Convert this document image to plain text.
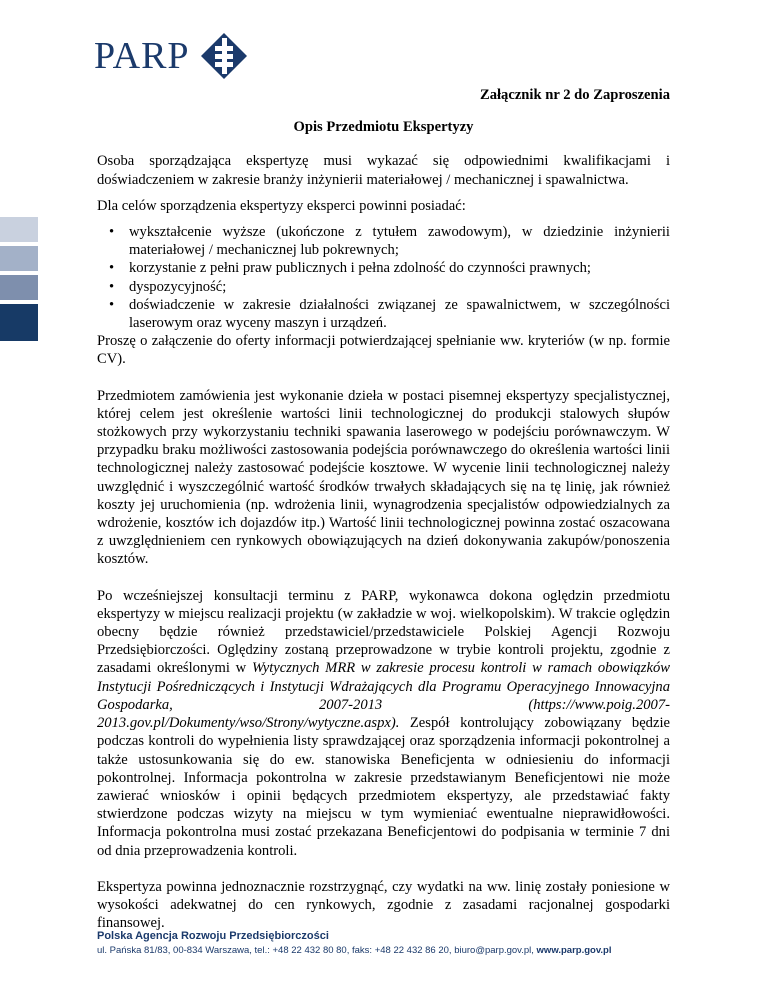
PARP
Załącznik nr 2 do Zaproszenia
Opis Przedmiotu Ekspertyzy

Osoba sporządzająca ekspertyzę musi wykazać się odpowiednimi kwalifikacjami i doświadczeniem w zakresie branży inżynierii materiałowej / mechanicznej i spawalnictwa.

Dla celów sporządzenia ekspertyzy eksperci powinni posiadać:

• wykształcenie wyższe (ukończone z tytułem zawodowym), w dziedzinie inżynierii materiałowej / mechanicznej lub pokrewnych;
• korzystanie z pełni praw publicznych i pełna zdolność do czynności prawnych;
• dyspozycyjność;
• doświadczenie w zakresie działalności związanej ze spawalnictwem, w szczególności laserowym oraz wyceny maszyn i urządzeń.

Proszę o załączenie do oferty informacji potwierdzającej spełnianie ww. kryteriów (w np. formie CV).

Przedmiotem zamówienia jest wykonanie dzieła w postaci pisemnej ekspertyzy specjalistycznej, której celem jest określenie wartości linii technologicznej do produkcji stalowych słupów stożkowych przy wykorzystaniu techniki spawania laserowego w podejściu porównawczym. W przypadku braku możliwości zastosowania podejścia porównawczego do określenia wartości linii technologicznej należy zastosować podejście kosztowe. W wycenie linii technologicznej należy uwzględnić i wyszczególnić wartość środków trwałych składających się na tę linię, jak również koszty jej uruchomienia (np. wdrożenia linii, wynagrodzenia specjalistów odpowiedzialnych za wdrożenie, kosztów ich dojazdów itp.) Wartość linii technologicznej powinna zostać oszacowana z uwzględnieniem cen rynkowych obowiązujących na dzień dokonywania zakupów/ponoszenia kosztów.

Po wcześniejszej konsultacji terminu z PARP, wykonawca dokona oględzin przedmiotu ekspertyzy w miejscu realizacji projektu (w zakładzie w woj. wielkopolskim). W trakcie oględzin obecny będzie również przedstawiciel/przedstawiciele Polskiej Agencji Rozwoju Przedsiębiorczości. Oględziny zostaną przeprowadzone w trybie kontroli projektu, zgodnie z zasadami określonymi w Wytycznych MRR w zakresie procesu kontroli w ramach obowiązków Instytucji Pośredniczących i Instytucji Wdrażających dla Programu Operacyjnego Innowacyjna Gospodarka, 2007-2013 (https://www.poig.2007-2013.gov.pl/Dokumenty/wso/Strony/wytyczne.aspx). Zespół kontrolujący zobowiązany będzie podczas kontroli do wypełnienia listy sprawdzającej oraz sporządzenia informacji pokontrolnej a także ustosunkowania się do ew. stanowiska Beneficjenta w odniesieniu do informacji pokontrolnej. Informacja pokontrolna w zakresie przedstawianym Beneficjentowi nie może zawierać wniosków i opinii będących przedmiotem ekspertyzy, ale przedstawiać fakty stwierdzone podczas wizyty na miejscu w tym wymieniać ewentualne nieprawidłowości. Informacja pokontrolna musi zostać przekazana Beneficjentowi do podpisania w terminie 7 dni od dnia przeprowadzenia kontroli.

Ekspertyza powinna jednoznacznie rozstrzygnąć, czy wydatki na ww. linię zostały poniesione w wysokości adekwatnej do cen rynkowych, zgodnie z zasadami racjonalnej gospodarki finansowej.

Polska Agencja Rozwoju Przedsiębiorczości
ul. Pańska 81/83, 00-834 Warszawa, tel.: +48 22 432 80 80, faks: +48 22 432 86 20, biuro@parp.gov.pl, www.parp.gov.pl
